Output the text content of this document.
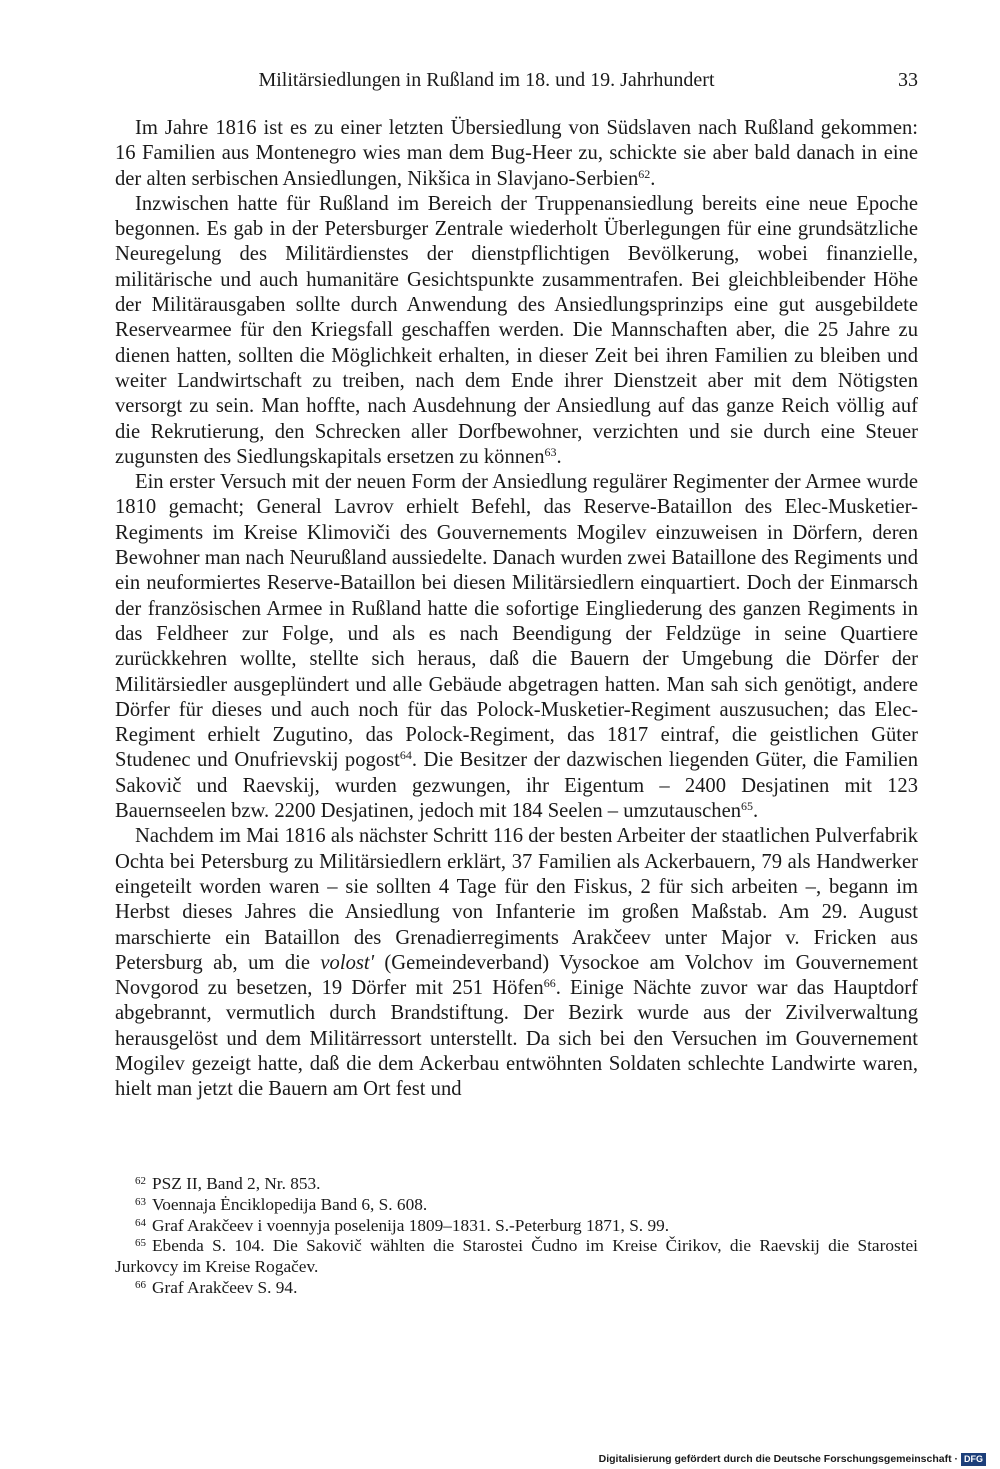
Militärsiedlungen in Rußland im 18. und 19. Jahrhundert	33

Im Jahre 1816 ist es zu einer letzten Übersiedlung von Südslaven nach Rußland gekommen: 16 Familien aus Montenegro wies man dem Bug-Heer zu, schickte sie aber bald danach in eine der alten serbischen Ansiedlungen, Nikšica in Slavjano-Serbien$^{62}$.

Inzwischen hatte für Rußland im Bereich der Truppenansiedlung bereits eine neue Epoche begonnen. Es gab in der Petersburger Zentrale wiederholt Überlegungen für eine grundsätzliche Neuregelung des Militärdienstes der dienstpflichtigen Bevölkerung, wobei finanzielle, militärische und auch humanitäre Gesichtspunkte zusammentrafen. Bei gleichbleibender Höhe der Militärausgaben sollte durch Anwendung des Ansiedlungsprinzips eine gut ausgebildete Reservearmee für den Kriegsfall geschaffen werden. Die Mannschaften aber, die 25 Jahre zu dienen hatten, sollten die Möglichkeit erhalten, in dieser Zeit bei ihren Familien zu bleiben und weiter Landwirtschaft zu treiben, nach dem Ende ihrer Dienstzeit aber mit dem Nötigsten versorgt zu sein. Man hoffte, nach Ausdehnung der Ansiedlung auf das ganze Reich völlig auf die Rekrutierung, den Schrecken aller Dorfbewohner, verzichten und sie durch eine Steuer zugunsten des Siedlungskapitals ersetzen zu können$^{63}$.

Ein erster Versuch mit der neuen Form der Ansiedlung regulärer Regimenter der Armee wurde 1810 gemacht; General Lavrov erhielt Befehl, das Reserve-Bataillon des Elec-Musketier-Regiments im Kreise Klimoviči des Gouvernements Mogilev einzuweisen in Dörfern, deren Bewohner man nach Neurußland aussiedelte. Danach wurden zwei Bataillone des Regiments und ein neuformiertes Reserve-Bataillon bei diesen Militärsiedlern einquartiert. Doch der Einmarsch der französischen Armee in Rußland hatte die sofortige Eingliederung des ganzen Regiments in das Feldheer zur Folge, und als es nach Beendigung der Feldzüge in seine Quartiere zurückkehren wollte, stellte sich heraus, daß die Bauern der Umgebung die Dörfer der Militärsiedler ausgeplündert und alle Gebäude abgetragen hatten. Man sah sich genötigt, andere Dörfer für dieses und auch noch für das Polock-Musketier-Regiment auszusuchen; das Elec-Regiment erhielt Zugutino, das Polock-Regiment, das 1817 eintraf, die geistlichen Güter Studenec und Onufrievskij pogost$^{64}$. Die Besitzer der dazwischen liegenden Güter, die Familien Sakovič und Raevskij, wurden gezwungen, ihr Eigentum – 2400 Desjatinen mit 123 Bauernseelen bzw. 2200 Desjatinen, jedoch mit 184 Seelen – umzutauschen$^{65}$.

Nachdem im Mai 1816 als nächster Schritt 116 der besten Arbeiter der staatlichen Pulverfabrik Ochta bei Petersburg zu Militärsiedlern erklärt, 37 Familien als Ackerbauern, 79 als Handwerker eingeteilt worden waren – sie sollten 4 Tage für den Fiskus, 2 für sich arbeiten –, begann im Herbst dieses Jahres die Ansiedlung von Infanterie im großen Maßstab. Am 29. August marschierte ein Bataillon des Grenadierregiments Arakčeev unter Major v. Fricken aus Petersburg ab, um die volost' (Gemeindeverband) Vysockoe am Volchov im Gouvernement Novgorod zu besetzen, 19 Dörfer mit 251 Höfen$^{66}$. Einige Nächte zuvor war das Hauptdorf abgebrannt, vermutlich durch Brandstiftung. Der Bezirk wurde aus der Zivilverwaltung herausgelöst und dem Militärressort unterstellt. Da sich bei den Versuchen im Gouvernement Mogilev gezeigt hatte, daß die dem Ackerbau entwöhnten Soldaten schlechte Landwirte waren, hielt man jetzt die Bauern am Ort fest und

$^{62}$ PSZ II, Band 2, Nr. 853.

$^{63}$ Voennaja Ėnciklopedija Band 6, S. 608.

$^{64}$ Graf Arakčeev i voennyja poselenija 1809–1831. S.-Peterburg 1871, S. 99.

$^{65}$ Ebenda S. 104. Die Sakovič wählten die Starostei Čudno im Kreise Čirikov, die Raevskij die Starostei Jurkovcy im Kreise Rogačev.

$^{66}$ Graf Arakčeev S. 94.

Digitalisierung gefördert durch die Deutsche Forschungsgemeinschaft · DFG
